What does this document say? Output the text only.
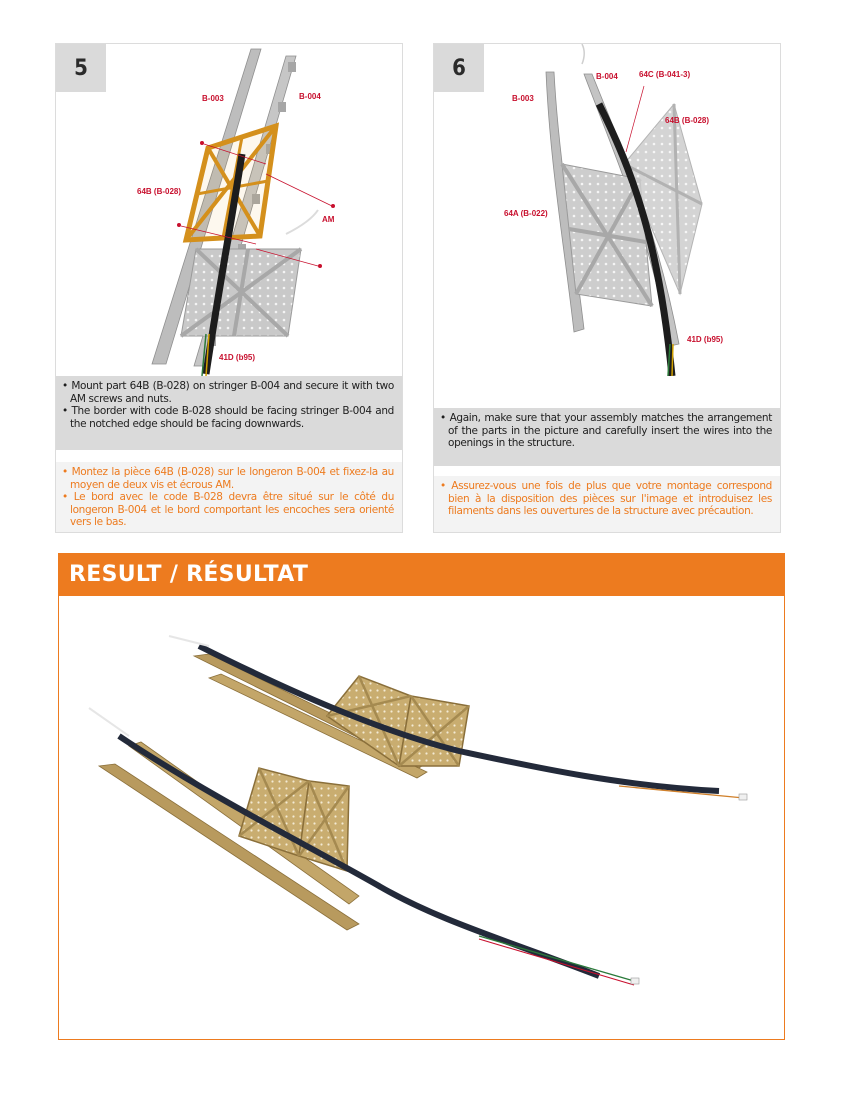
B-003	B-004
64B (B-028)
AM
41D (b95)
5
• Mount part 64B (B-028) on stringer B-004 and secure it with two AM screws and nuts.
• The border with code B-028 should be facing stringer B-004 and the notched edge should be facing downwards.
• Montez la pièce 64B (B-028) sur le longeron B-004 et fixez-la au moyen de deux vis et écrous AM.
• Le bord avec le code B-028 devra être situé sur le côté du longeron B-004 et le bord comportant les encoches sera orienté vers le bas.
B-004
B-003
64C (B-041-3)
64B (B-028)
64A (B-022)
41D (b95)
6
• Again, make sure that your assembly matches the arrangement of the parts in the picture and carefully insert the wires into the openings in the structure.
• Assurez-vous une fois de plus que votre montage correspond bien à la disposition des pièces sur l'image et introduisez les filaments dans les ouvertures de la structure avec précaution.
RESULT / RÉSULTAT
